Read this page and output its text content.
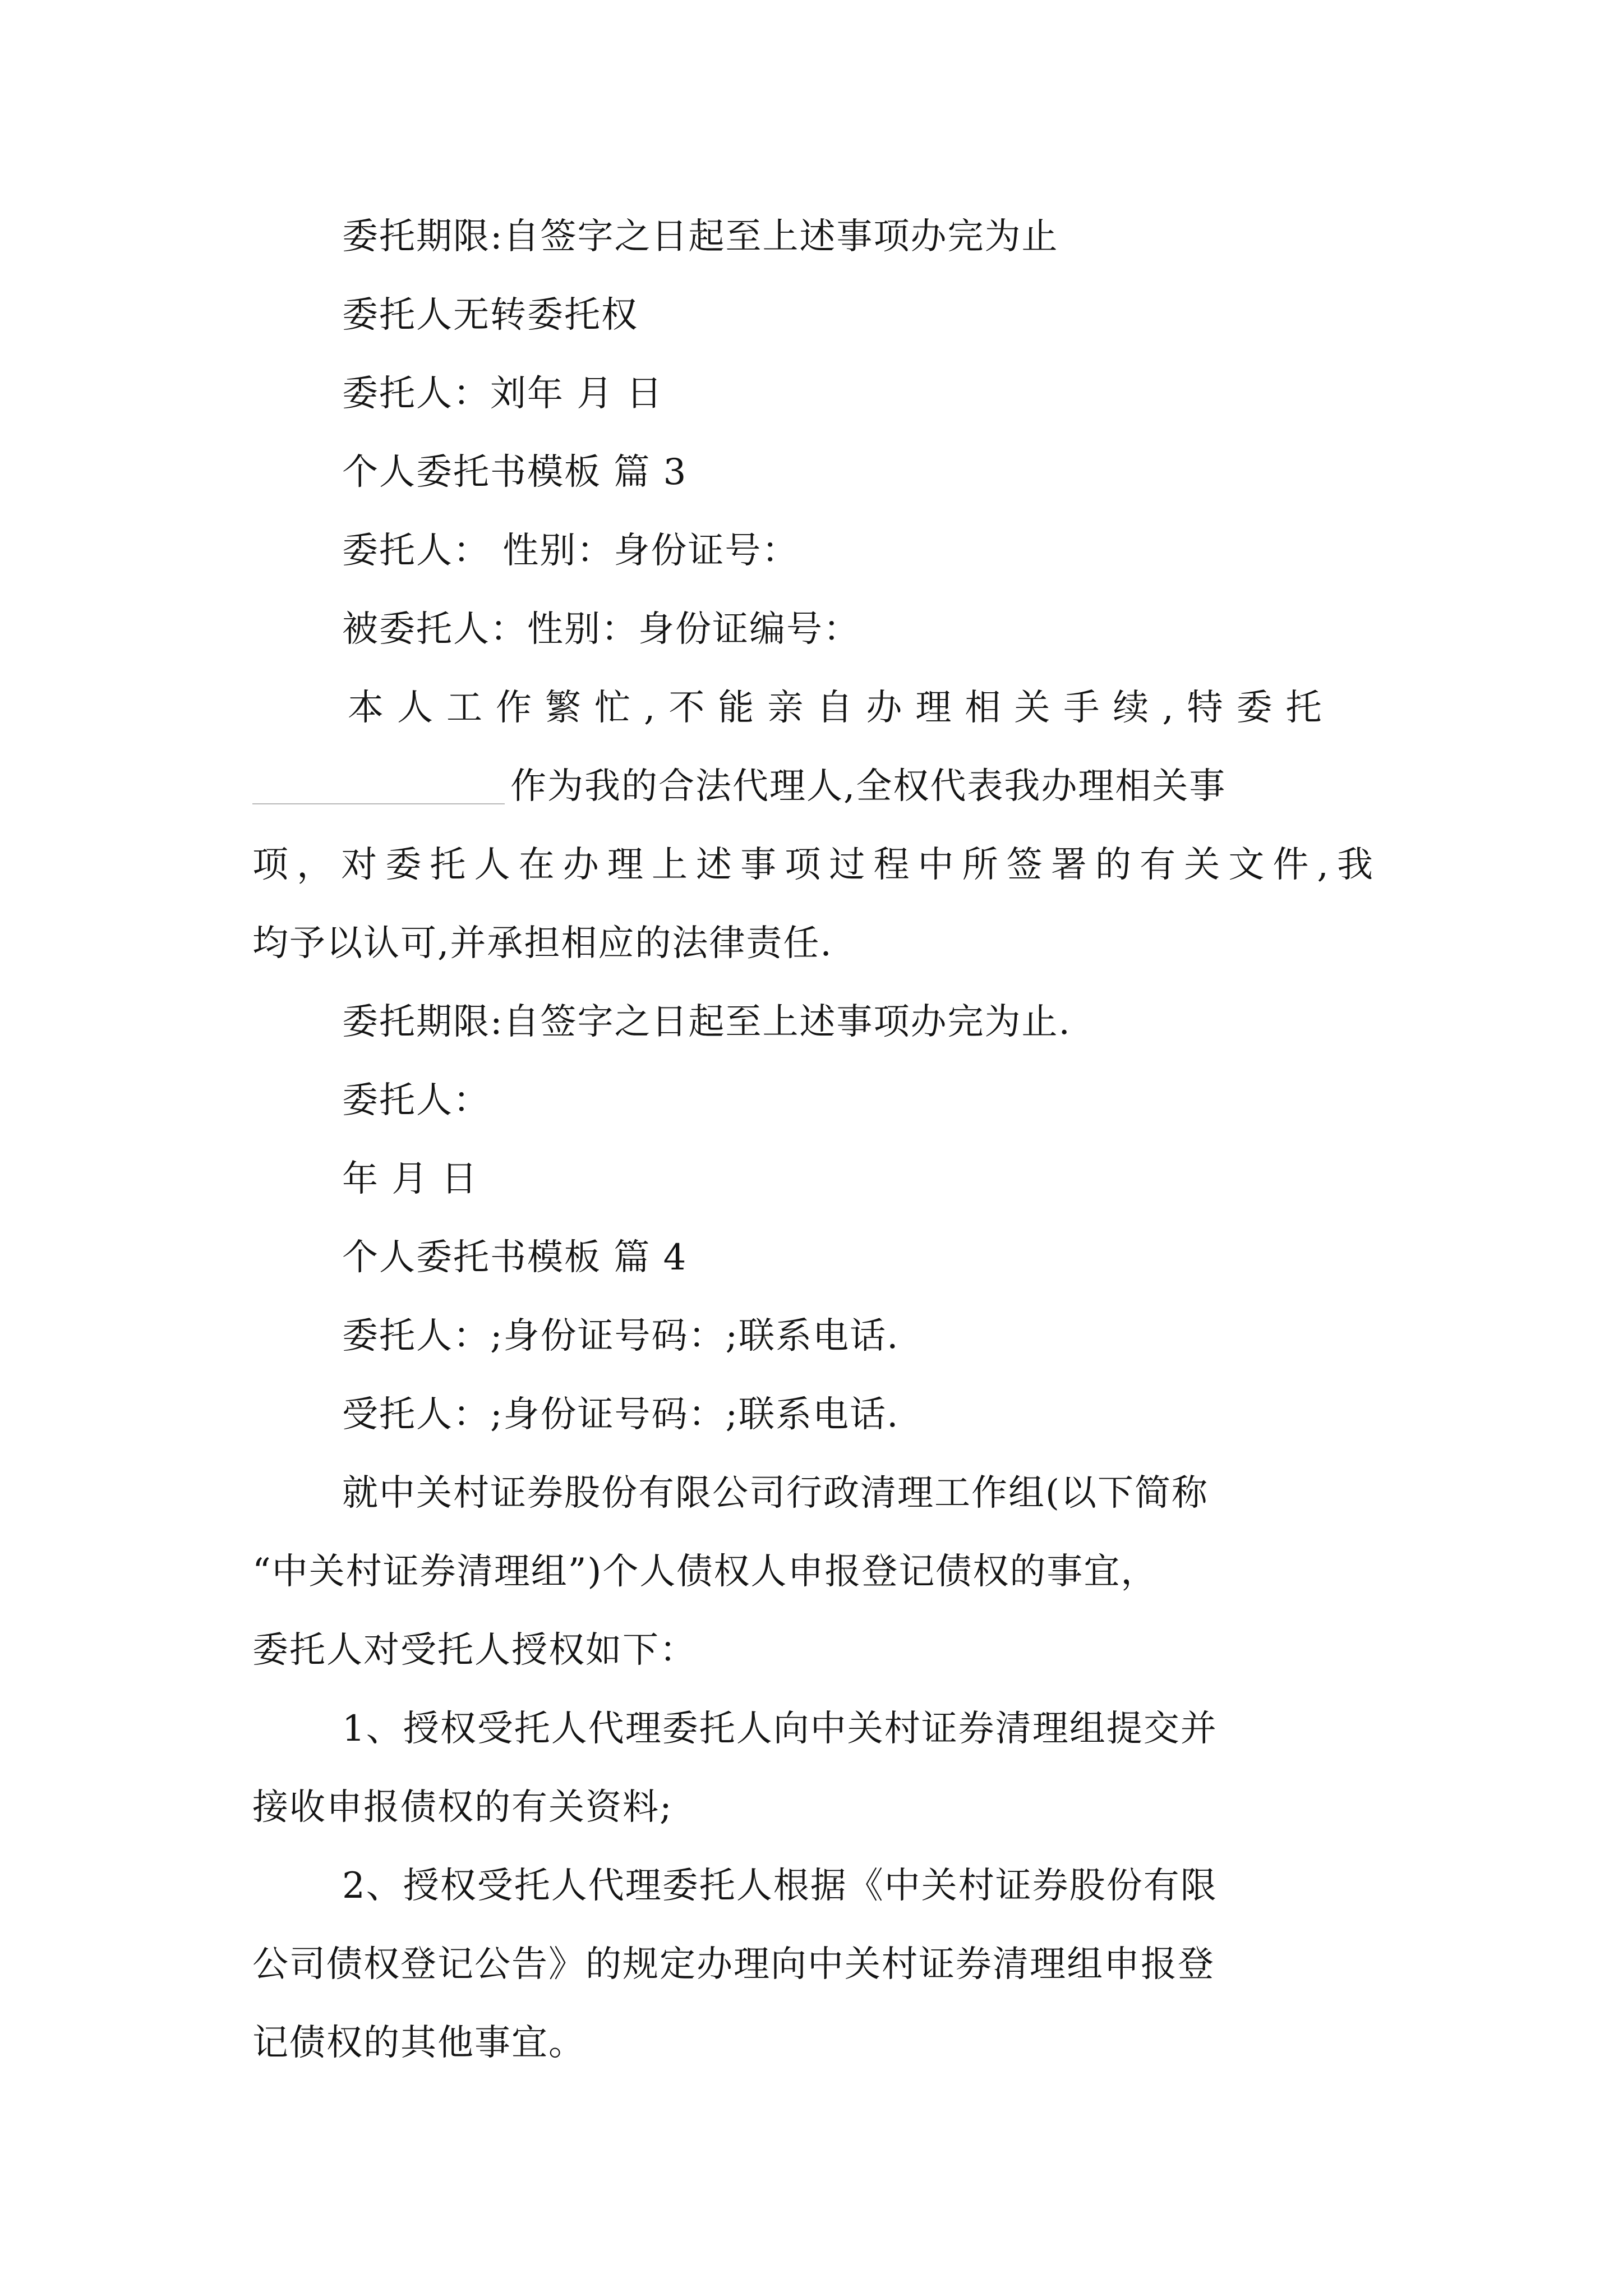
委托期限:自签字之日起至上述事项办完为止
委托人无转委托权
委托人：刘年 月 日
个人委托书模板 篇 3
委托人： 性别：身份证号：
被委托人：性别：身份证编号：
本人工作繁忙,不能亲自办理相关手续,特委托
作为我的合法代理人,全权代表我办理相关事
项，对委托人在办理上述事项过程中所签署的有关文件,我
均予以认可,并承担相应的法律责任.
委托期限:自签字之日起至上述事项办完为止.
委托人：
年 月 日
个人委托书模板 篇 4
委托人：;身份证号码：;联系电话.
受托人：;身份证号码：;联系电话.
就中关村证券股份有限公司行政清理工作组(以下简称
“中关村证券清理组”)个人债权人申报登记债权的事宜，
委托人对受托人授权如下：
1、授权受托人代理委托人向中关村证券清理组提交并
接收申报债权的有关资料;
2、授权受托人代理委托人根据《中关村证券股份有限
公司债权登记公告》的规定办理向中关村证券清理组申报登
记债权的其他事宜。
